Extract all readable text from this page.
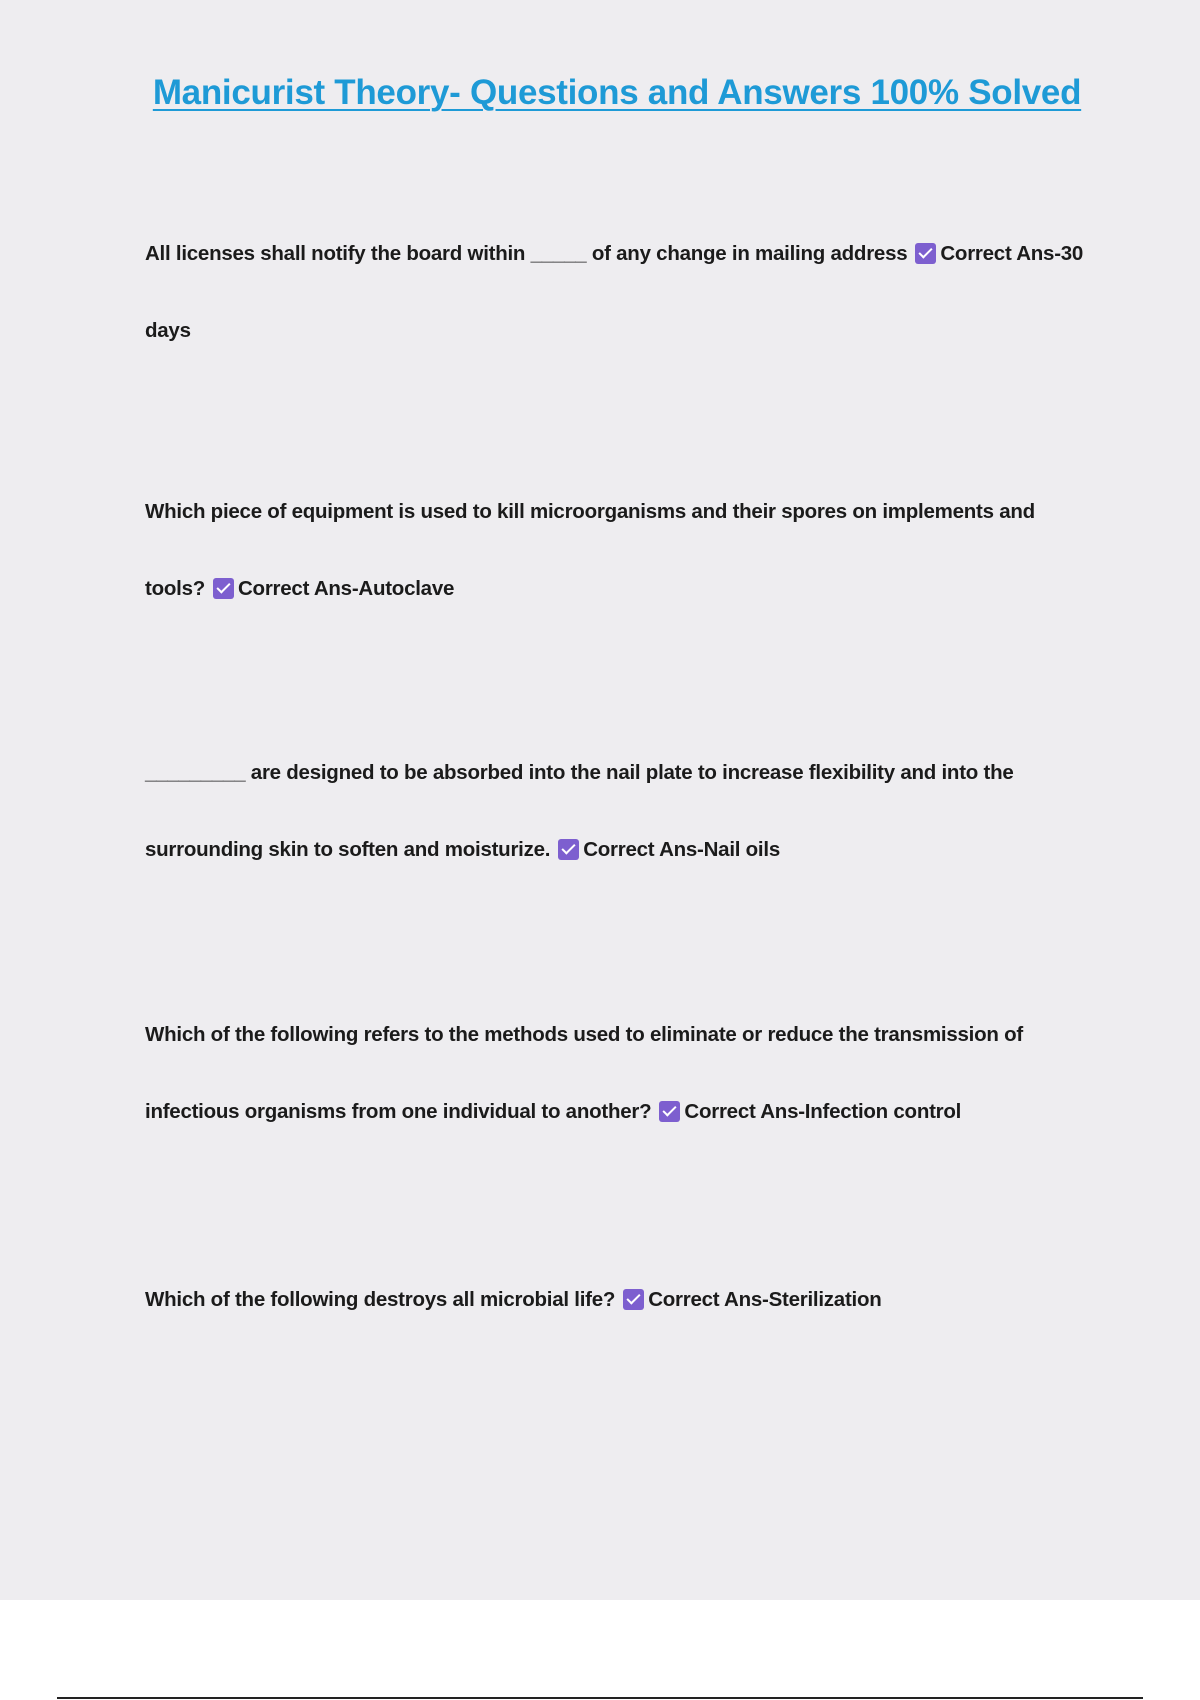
Manicurist Theory- Questions and Answers 100% Solved
All licenses shall notify the board within _____ of any change in mailing address Correct Ans-30 days
Which piece of equipment is used to kill microorganisms and their spores on implements and tools? Correct Ans-Autoclave
_________ are designed to be absorbed into the nail plate to increase flexibility and into the surrounding skin to soften and moisturize. Correct Ans-Nail oils
Which of the following refers to the methods used to eliminate or reduce the transmission of infectious organisms from one individual to another? Correct Ans-Infection control
Which of the following destroys all microbial life? Correct Ans-Sterilization
